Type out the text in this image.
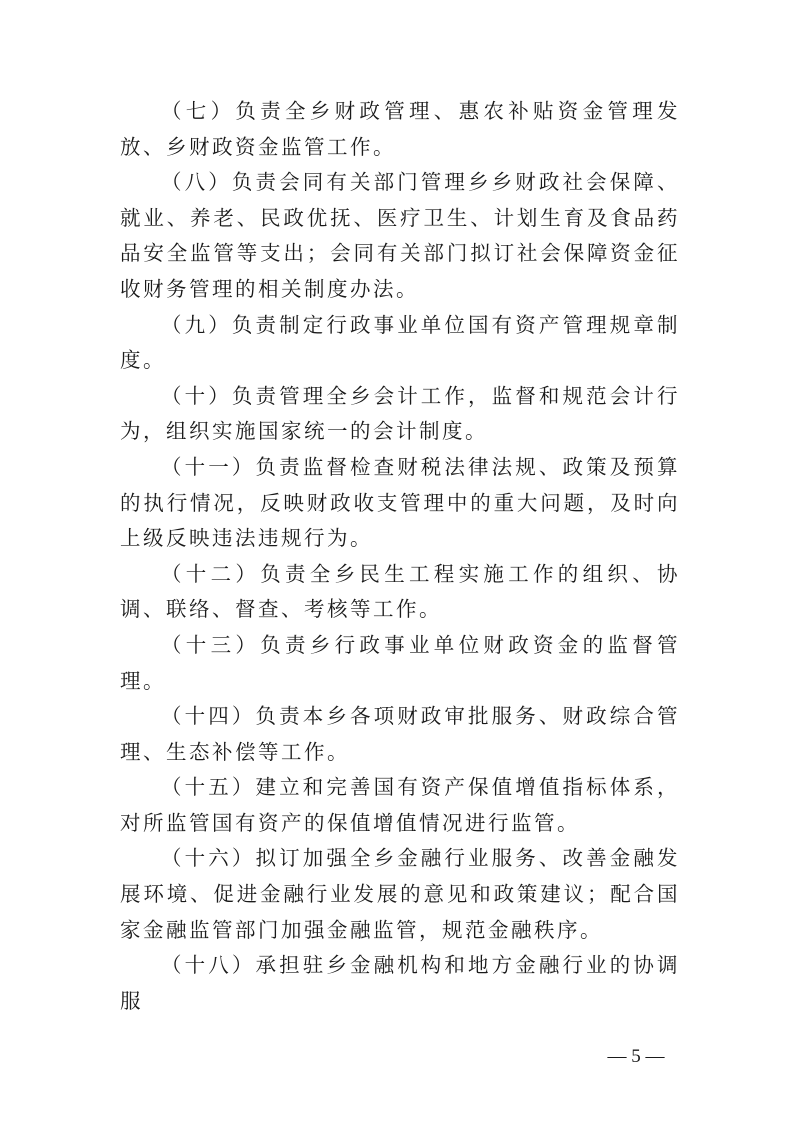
（七）负责全乡财政管理、惠农补贴资金管理发放、乡财政资金监管工作。

（八）负责会同有关部门管理乡乡财政社会保障、就业、养老、民政优抚、医疗卫生、计划生育及食品药品安全监管等支出；会同有关部门拟订社会保障资金征收财务管理的相关制度办法。

（九）负责制定行政事业单位国有资产管理规章制度。

（十）负责管理全乡会计工作，监督和规范会计行为，组织实施国家统一的会计制度。

（十一）负责监督检查财税法律法规、政策及预算的执行情况，反映财政收支管理中的重大问题，及时向上级反映违法违规行为。

（十二）负责全乡民生工程实施工作的组织、协调、联络、督查、考核等工作。

（十三）负责乡行政事业单位财政资金的监督管理。

（十四）负责本乡各项财政审批服务、财政综合管理、生态补偿等工作。

（十五）建立和完善国有资产保值增值指标体系，对所监管国有资产的保值增值情况进行监管。

（十六）拟订加强全乡金融行业服务、改善金融发展环境、促进金融行业发展的意见和政策建议；配合国家金融监管部门加强金融监管，规范金融秩序。

（十八）承担驻乡金融机构和地方金融行业的协调服

— 5 —
